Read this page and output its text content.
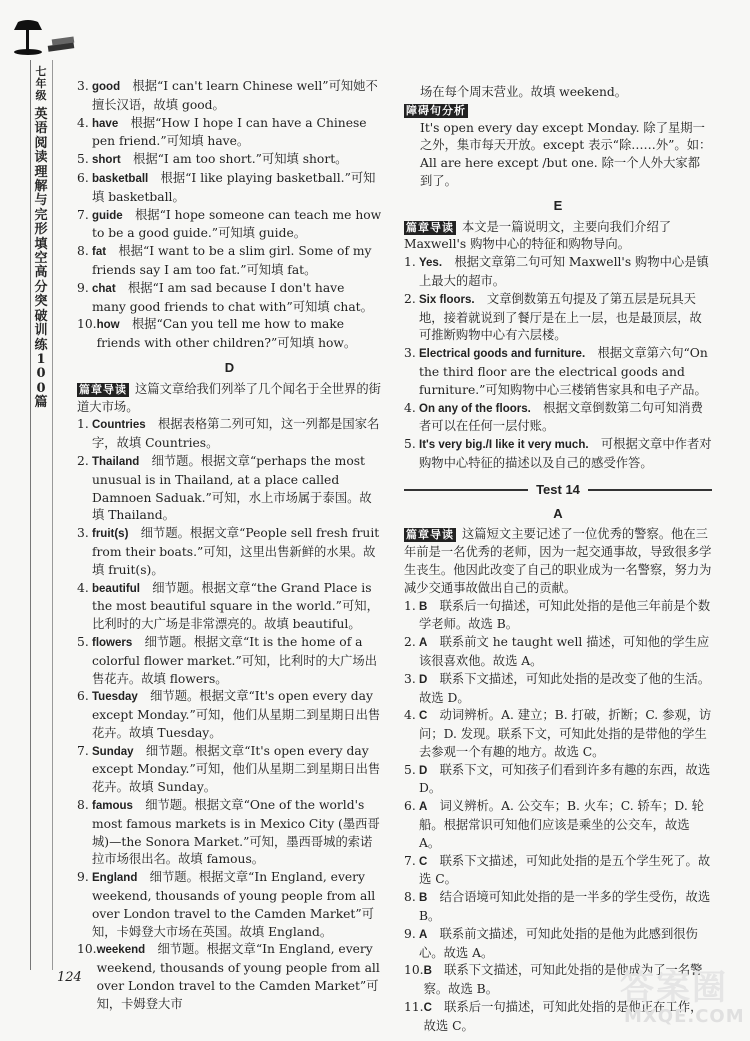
七年级
英语阅读理解与完形填空高分突破训练100篇
3. good  根据“I can't learn Chinese well”可知她不擅长汉语，故填 good。
4. have  根据“How I hope I can have a Chinese pen friend.”可知填 have。
5. short  根据“I am too short.”可知填 short。
6. basketball  根据“I like playing basketball.”可知填 basketball。
7. guide  根据“I hope someone can teach me how to be a good guide.”可知填 guide。
8. fat  根据“I want to be a slim girl. Some of my friends say I am too fat.”可知填 fat。
9. chat  根据“I am sad because I don't have many good friends to chat with”可知填 chat。
10. how  根据“Can you tell me how to make friends with other children?”可知填 how。
D

篇章导读 这篇文章给我们列举了几个闻名于全世界的街道大市场。

1. Countries  根据表格第二列可知，这一列都是国家名字，故填 Countries。
2. Thailand  细节题。根据文章“perhaps the most unusual is in Thailand, at a place called Damnoen Saduak.”可知，水上市场属于泰国。故填 Thailand。
3. fruit(s)  细节题。根据文章“People sell fresh fruit from their boats.”可知，这里出售新鲜的水果。故填 fruit(s)。
4. beautiful  细节题。根据文章“the Grand Place is the most beautiful square in the world.”可知，比利时的大广场是非常漂亮的。故填 beautiful。
5. flowers  细节题。根据文章“It is the home of a colorful flower market.”可知，比利时的大广场出售花卉。故填 flowers。
6. Tuesday  细节题。根据文章“It's open every day except Monday.”可知，他们从星期二到星期日出售花卉。故填 Tuesday。
7. Sunday  细节题。根据文章“It's open every day except Monday.”可知，他们从星期二到星期日出售花卉。故填 Sunday。
8. famous  细节题。根据文章“One of the world's most famous markets is in Mexico City (墨西哥城)—the Sonora Market.”可知，墨西哥城的索诺拉市场很出名。故填 famous。
9. England  细节题。根据文章“In England, every weekend, thousands of young people from all over London travel to the Camden Market”可知，卡姆登大市场在英国。故填 England。
10. weekend  细节题。根据文章“In England, every weekend, thousands of young people from all over London travel to the Camden Market”可知，卡姆登大市

场在每个周末营业。故填 weekend。

障碍句分析

It's open every day except Monday. 除了星期一之外，集市每天开放。except 表示“除……外”。如：All are here except /but one. 除一个人外大家都到了。

E

篇章导读 本文是一篇说明文，主要向我们介绍了 Maxwell's 购物中心的特征和购物导向。

1. Yes.  根据文章第二句可知 Maxwell's 购物中心是镇上最大的超市。
2. Six floors.  文章倒数第五句提及了第五层是玩具天地，接着就说到了餐厅是在上一层，也是最顶层，故可推断购物中心有六层楼。
3. Electrical goods and furniture.  根据文章第六句“On the third floor are the electrical goods and furniture.”可知购物中心三楼销售家具和电子产品。
4. On any of the floors.  根据文章倒数第二句可知消费者可以在任何一层付账。
5. It's very big./I like it very much.  可根据文章中作者对购物中心特征的描述以及自己的感受作答。
Test 14
A

篇章导读 这篇短文主要记述了一位优秀的警察。他在三年前是一名优秀的老师，因为一起交通事故，导致很多学生丧生。他因此改变了自己的职业成为一名警察，努力为减少交通事故做出自己的贡献。

1. B  联系后一句描述，可知此处指的是他三年前是个数学老师。故选 B。
2. A  联系前文 he taught well 描述，可知他的学生应该很喜欢他。故选 A。
3. D  联系下文描述，可知此处指的是改变了他的生活。故选 D。
4. C  动词辨析。A. 建立；B. 打破，折断；C. 参观，访问；D. 发现。联系下文，可知此处指的是带他的学生去参观一个有趣的地方。故选 C。
5. D  联系下文，可知孩子们看到许多有趣的东西，故选 D。
6. A  词义辨析。A. 公交车；B. 火车；C. 轿车；D. 轮船。根据常识可知他们应该是乘坐的公交车，故选 A。
7. C  联系下文描述，可知此处指的是五个学生死了。故选 C。
8. B  结合语境可知此处指的是一半多的学生受伤，故选 B。
9. A  联系前文描述，可知此处指的是他为此感到很伤心。故选 A。
10. B  联系下文描述，可知此处指的是他成为了一名警察。故选 B。
11. C  联系后一句描述，可知此处指的是他正在工作，故选 C。
124	答案圈
MXQE.COM
